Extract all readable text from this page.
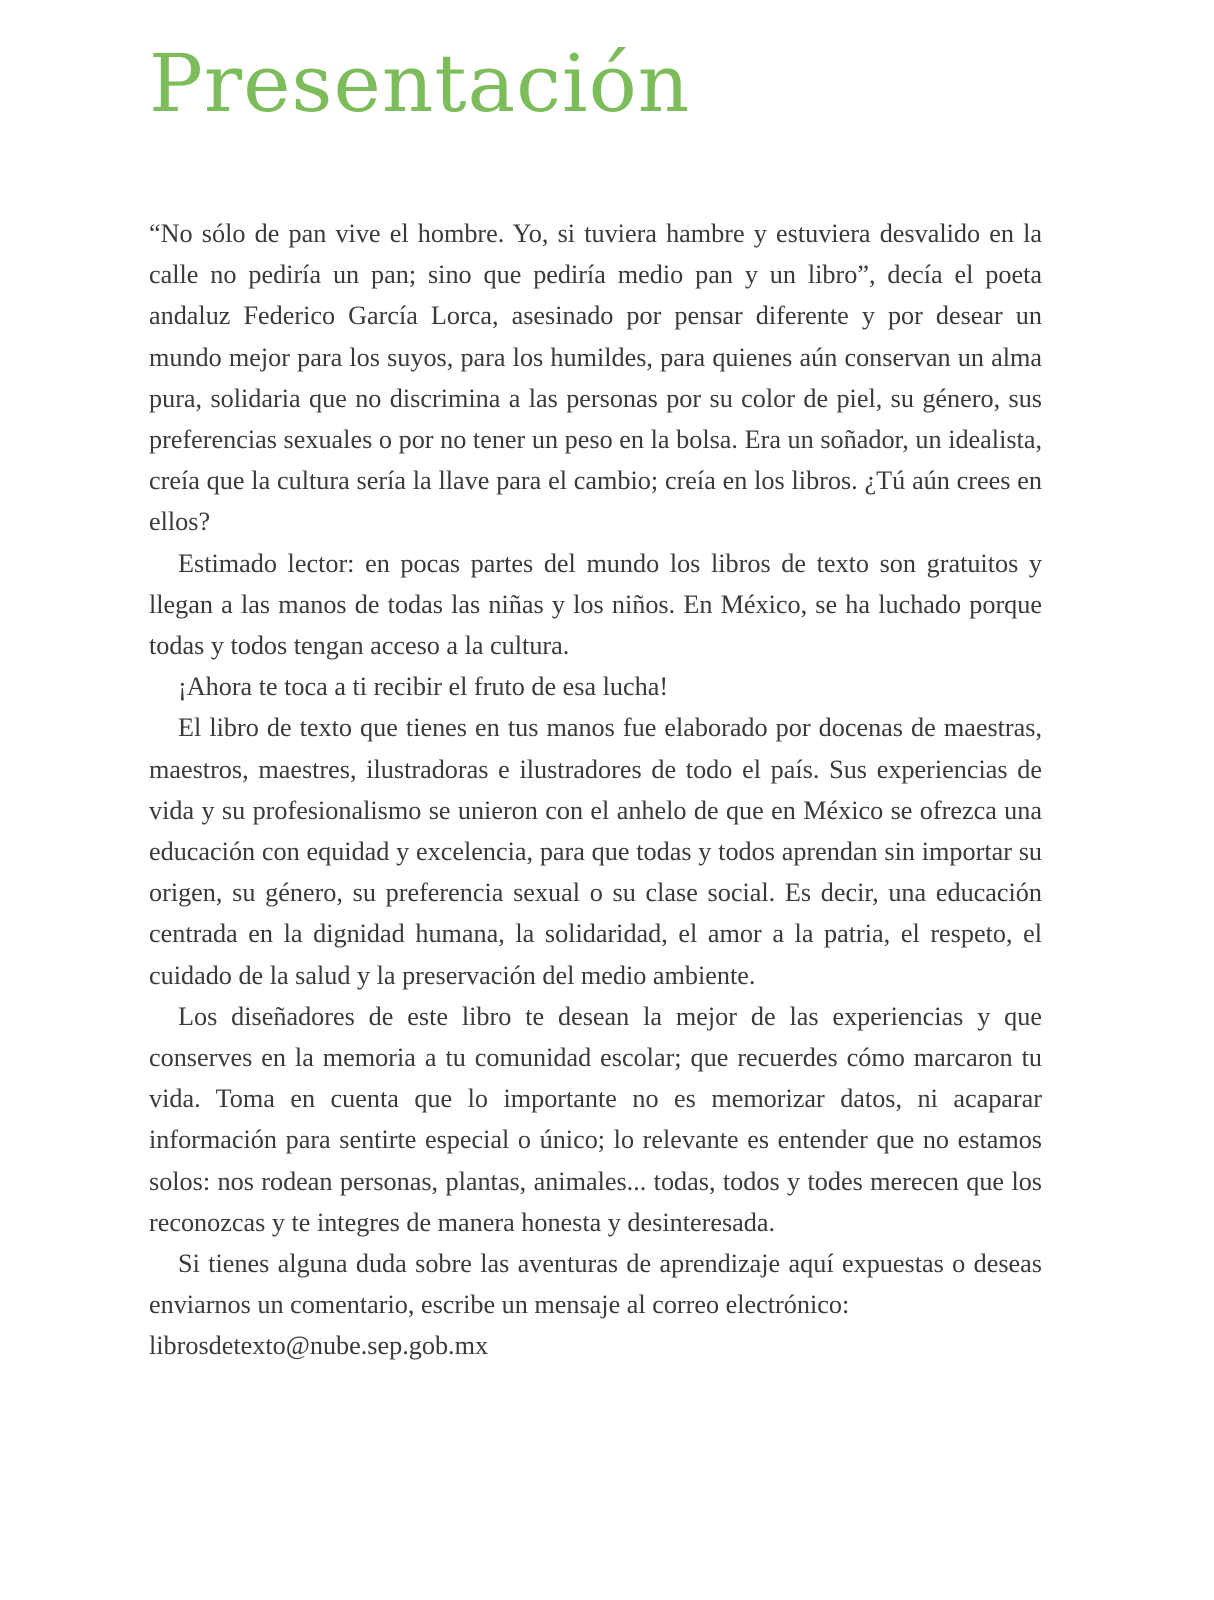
Presentación

“No sólo de pan vive el hombre. Yo, si tuviera hambre y estuviera desvalido en la calle no pediría un pan; sino que pediría medio pan y un libro”, decía el poeta andaluz Federico García Lorca, asesinado por pensar diferente y por desear un mundo mejor para los suyos, para los humildes, para quienes aún conservan un alma pura, solidaria que no discrimina a las personas por su color de piel, su género, sus preferencias sexuales o por no tener un peso en la bolsa. Era un soñador, un idealista, creía que la cultura sería la llave para el cambio; creía en los libros. ¿Tú aún crees en ellos?

Estimado lector: en pocas partes del mundo los libros de texto son gratuitos y llegan a las manos de todas las niñas y los niños. En México, se ha luchado porque todas y todos tengan acceso a la cultura.

¡Ahora te toca a ti recibir el fruto de esa lucha!

El libro de texto que tienes en tus manos fue elaborado por docenas de maestras, maestros, maestres, ilustradoras e ilustradores de todo el país. Sus experiencias de vida y su profesionalismo se unieron con el anhelo de que en México se ofrezca una educación con equidad y excelencia, para que todas y todos aprendan sin importar su origen, su género, su preferencia sexual o su clase social. Es decir, una educación centrada en la dignidad humana, la solidaridad, el amor a la patria, el respeto, el cuidado de la salud y la preservación del medio ambiente.

Los diseñadores de este libro te desean la mejor de las experiencias y que conserves en la memoria a tu comunidad escolar; que recuerdes cómo marcaron tu vida. Toma en cuenta que lo importante no es memorizar datos, ni acaparar información para sentirte especial o único; lo relevante es entender que no estamos solos: nos rodean personas, plantas, animales... todas, todos y todes merecen que los reconozcas y te integres de manera honesta y desinteresada.

Si tienes alguna duda sobre las aventuras de aprendizaje aquí expuestas o deseas enviarnos un comentario, escribe un mensaje al correo electrónico:
librosdetexto@nube.sep.gob.mx
